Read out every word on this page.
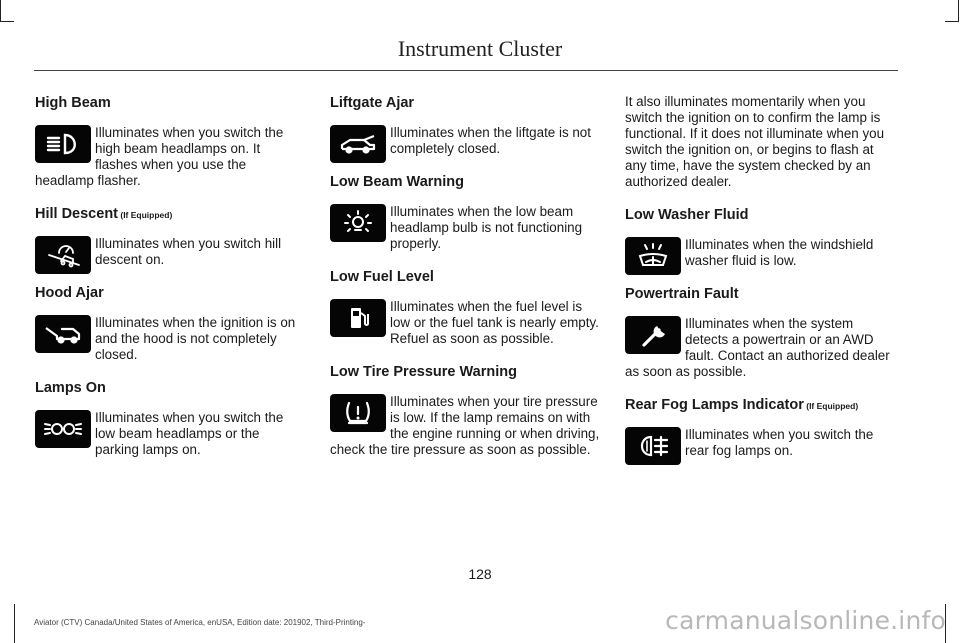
Instrument Cluster
High Beam
Illuminates when you switch the high beam headlamps on. It flashes when you use the headlamp flasher.
Hill Descent (If Equipped)
Illuminates when you switch hill descent on.
Hood Ajar
Illuminates when the ignition is on and the hood is not completely closed.
Lamps On
Illuminates when you switch the low beam headlamps or the parking lamps on.
Liftgate Ajar
Illuminates when the liftgate is not completely closed.
Low Beam Warning
Illuminates when the low beam headlamp bulb is not functioning properly.
Low Fuel Level
Illuminates when the fuel level is low or the fuel tank is nearly empty. Refuel as soon as possible.
Low Tire Pressure Warning
Illuminates when your tire pressure is low. If the lamp remains on with the engine running or when driving, check the tire pressure as soon as possible.
It also illuminates momentarily when you switch the ignition on to confirm the lamp is functional. If it does not illuminate when you switch the ignition on, or begins to flash at any time, have the system checked by an authorized dealer.
Low Washer Fluid
Illuminates when the windshield washer fluid is low.
Powertrain Fault
Illuminates when the system detects a powertrain or an AWD fault. Contact an authorized dealer as soon as possible.
Rear Fog Lamps Indicator (If Equipped)
Illuminates when you switch the rear fog lamps on.
128
Aviator (CTV) Canada/United States of America, enUSA, Edition date: 201902, Third-Printing-	carmanualsonline.info
